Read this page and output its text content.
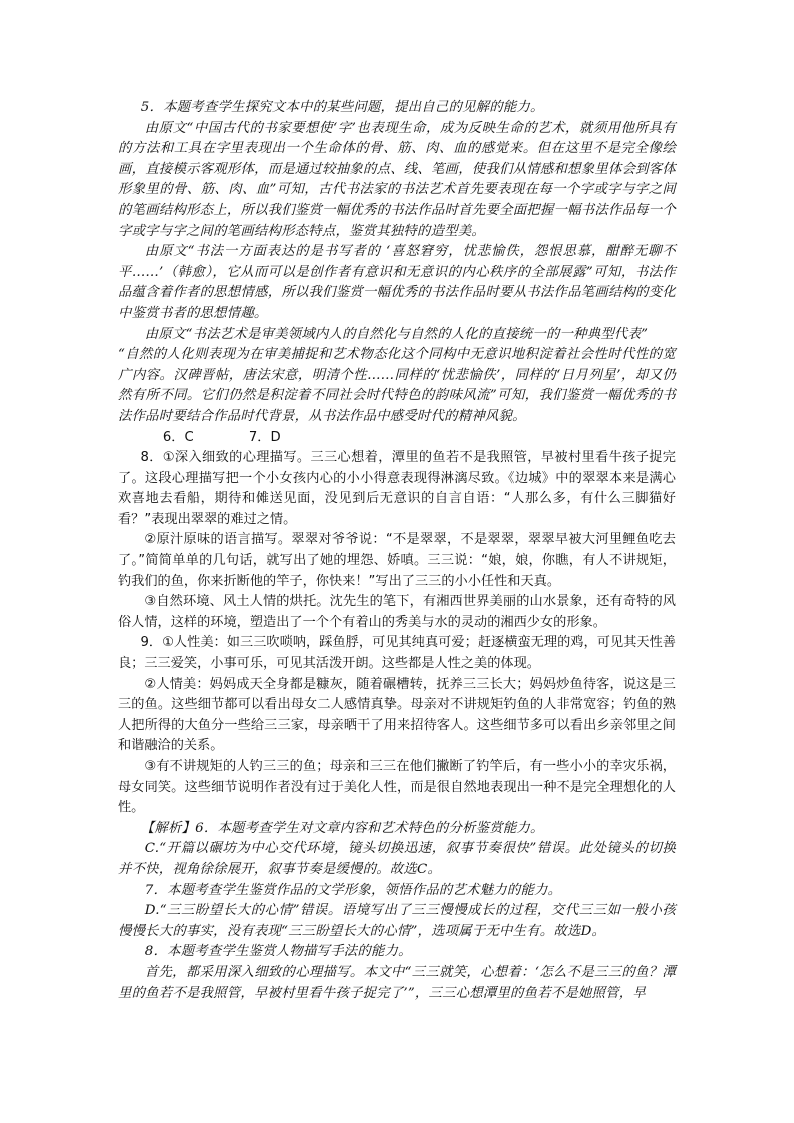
5．本题考查学生探究文本中的某些问题，提出自己的见解的能力。

由原文“中国古代的书家要想使‘字’也表现生命，成为反映生命的艺术，就须用他所具有的方法和工具在字里表现出一个生命体的骨、筋、肉、血的感觉来。但在这里不是完全像绘画，直接模示客观形体，而是通过较抽象的点、线、笔画，使我们从情感和想象里体会到客体形象里的骨、筋、肉、血”可知，古代书法家的书法艺术首先要表现在每一个字或字与字之间的笔画结构形态上，所以我们鉴赏一幅优秀的书法作品时首先要全面把握一幅书法作品每一个字或字与字之间的笔画结构形态特点，鉴赏其独特的造型美。

由原文“书法一方面表达的是书写者的 ‘喜怒窘穷，忧悲愉佚，怨恨思慕，酣醉无聊不平……’（韩愈），它从而可以是创作者有意识和无意识的内心秩序的全部展露”可知，书法作品蕴含着作者的思想情感，所以我们鉴赏一幅优秀的书法作品时要从书法作品笔画结构的变化中鉴赏书者的思想情趣。

由原文“书法艺术是审美领域内人的自然化与自然的人化的直接统一的一种典型代表”

“自然的人化则表现为在审美捕捉和艺术物态化这个同构中无意识地积淀着社会性时代性的宽广内容。汉碑晋帖，唐法宋意，明清个性……同样的‘忧悲愉佚’，同样的‘日月列星’，却又仍然有所不同。它们仍然是积淀着不同社会时代特色的韵味风流”可知，我们鉴赏一幅优秀的书法作品时要结合作品时代背景，从书法作品中感受时代的精神风貌。

6．C	7．D

8．①深入细致的心理描写。三三心想着，潭里的鱼若不是我照管，早被村里看牛孩子捉完了。这段心理描写把一个小女孩内心的小小得意表现得淋漓尽致。《边城》中的翠翠本来是满心欢喜地去看船，期待和傩送见面，没见到后无意识的自言自语：“人那么多，有什么三脚猫好看？”表现出翠翠的难过之情。

②原汁原味的语言描写。翠翠对爷爷说：“不是翠翠，不是翠翠，翠翠早被大河里鲤鱼吃去了。”简简单单的几句话，就写出了她的埋怨、娇嗔。三三说：“娘，娘，你瞧，有人不讲规矩，钓我们的鱼，你来折断他的竿子，你快来！”写出了三三的小小任性和天真。

③自然环境、风土人情的烘托。沈先生的笔下，有湘西世界美丽的山水景象，还有奇特的风俗人情，这样的环境，塑造出了一个个有着山的秀美与水的灵动的湘西少女的形象。

9．①人性美：如三三吹唢呐，踩鱼脬，可见其纯真可爱；赶逐横蛮无理的鸡，可见其天性善良；三三爱笑，小事可乐，可见其活泼开朗。这些都是人性之美的体现。

②人情美：妈妈成天全身都是糠灰，随着碾槽转，抚养三三长大；妈妈炒鱼待客，说这是三三的鱼。这些细节都可以看出母女二人感情真挚。母亲对不讲规矩钓鱼的人非常宽容；钓鱼的熟人把所得的大鱼分一些给三三家，母亲晒干了用来招待客人。这些细节多可以看出乡亲邻里之间和谐融洽的关系。

③有不讲规矩的人钓三三的鱼；母亲和三三在他们撇断了钓竿后，有一些小小的幸灾乐祸，母女同笑。这些细节说明作者没有过于美化人性，而是很自然地表现出一种不是完全理想化的人性。

【解析】6．本题考查学生对文章内容和艺术特色的分析鉴赏能力。

C.“开篇以碾坊为中心交代环境，镜头切换迅速，叙事节奏很快”错误。此处镜头的切换并不快，视角徐徐展开，叙事节奏是缓慢的。故选C。

7．本题考查学生鉴赏作品的文学形象，领悟作品的艺术魅力的能力。

D.“三三盼望长大的心情”错误。语境写出了三三慢慢成长的过程，交代三三如一般小孩慢慢长大的事实，没有表现“三三盼望长大的心情”，选项属于无中生有。故选D。

8．本题考查学生鉴赏人物描写手法的能力。

首先，都采用深入细致的心理描写。本文中“三三就笑，心想着：‘怎么不是三三的鱼？潭里的鱼若不是我照管，早被村里看牛孩子捉完了’”，三三心想潭里的鱼若不是她照管，早
